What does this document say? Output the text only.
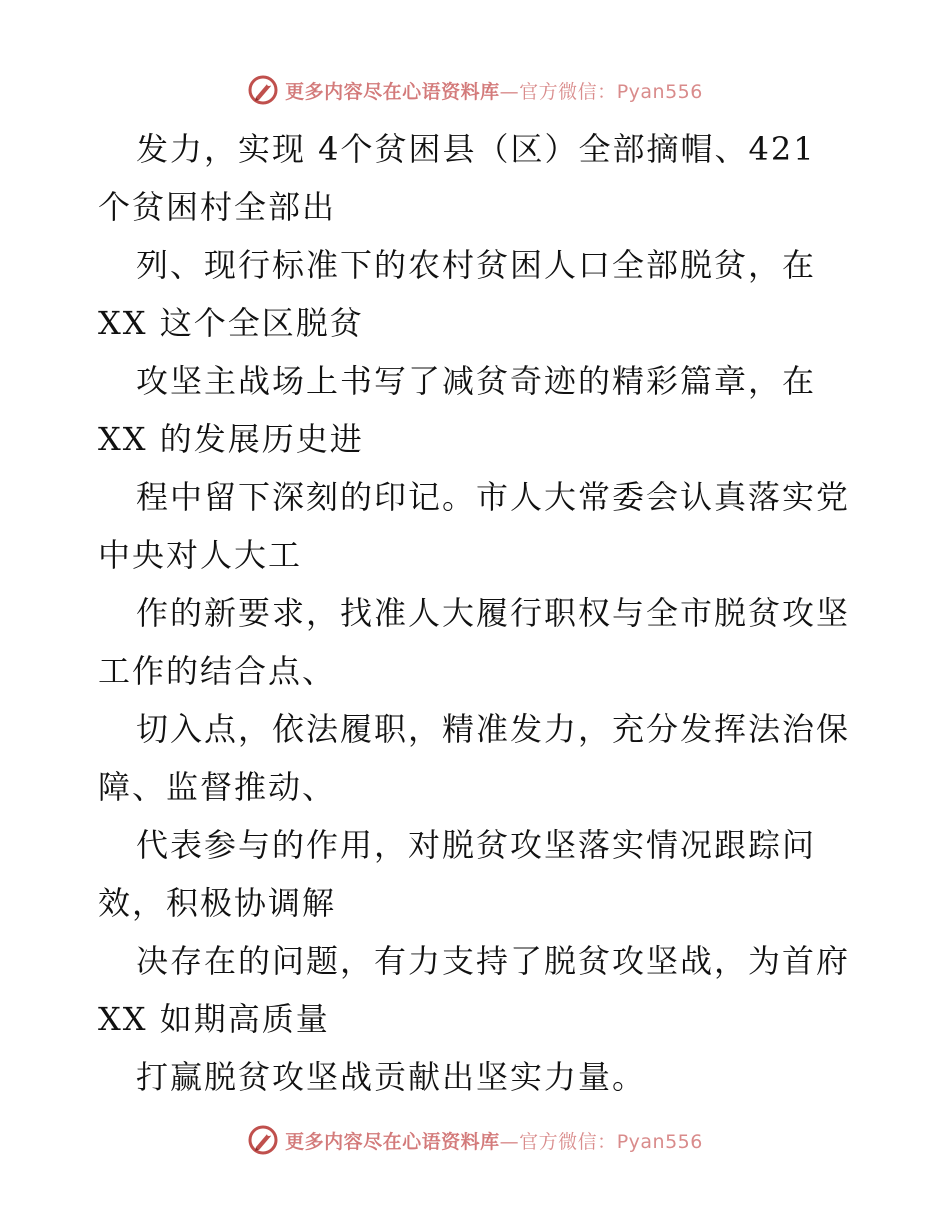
更多内容尽在心语资料库—官方微信：Pyan556
发力，实现 4个贫困县（区）全部摘帽、421
个贫困村全部出
列、现行标准下的农村贫困人口全部脱贫，在
XX 这个全区脱贫
攻坚主战场上书写了减贫奇迹的精彩篇章，在
XX 的发展历史进
程中留下深刻的印记。市人大常委会认真落实党
中央对人大工
作的新要求，找准人大履行职权与全市脱贫攻坚
工作的结合点、
切入点，依法履职，精准发力，充分发挥法治保
障、监督推动、
代表参与的作用，对脱贫攻坚落实情况跟踪问
效，积极协调解
决存在的问题，有力支持了脱贫攻坚战，为首府
XX 如期高质量
打赢脱贫攻坚战贡献出坚实力量。
更多内容尽在心语资料库—官方微信：Pyan556
